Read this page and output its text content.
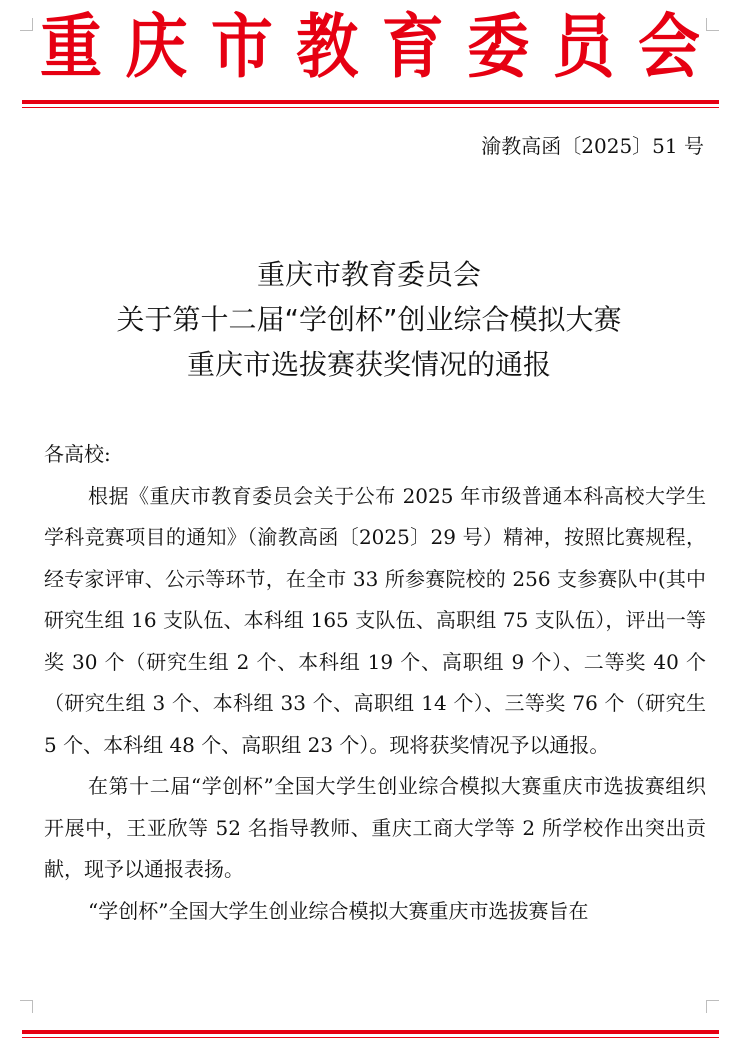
重 庆 市 教 育 委 员 会
渝教高函〔2025〕51 号
重庆市教育委员会
关于第十二届“学创杯”创业综合模拟大赛
重庆市选拔赛获奖情况的通报
各高校:

根据《重庆市教育委员会关于公布 2025 年市级普通本科高校大学生学科竞赛项目的通知》（渝教高函〔2025〕29 号）精神，按照比赛规程，经专家评审、公示等环节，在全市 33 所参赛院校的 256 支参赛队中(其中研究生组 16 支队伍、本科组 165 支队伍、高职组 75 支队伍），评出一等奖 30 个（研究生组 2 个、本科组 19 个、高职组 9 个）、二等奖 40 个（研究生组 3 个、本科组 33 个、高职组 14 个）、三等奖 76 个（研究生 5 个、本科组 48 个、高职组 23 个）。现将获奖情况予以通报。

在第十二届“学创杯”全国大学生创业综合模拟大赛重庆市选拔赛组织开展中，王亚欣等 52 名指导教师、重庆工商大学等 2 所学校作出突出贡献，现予以通报表扬。

“学创杯”全国大学生创业综合模拟大赛重庆市选拔赛旨在
